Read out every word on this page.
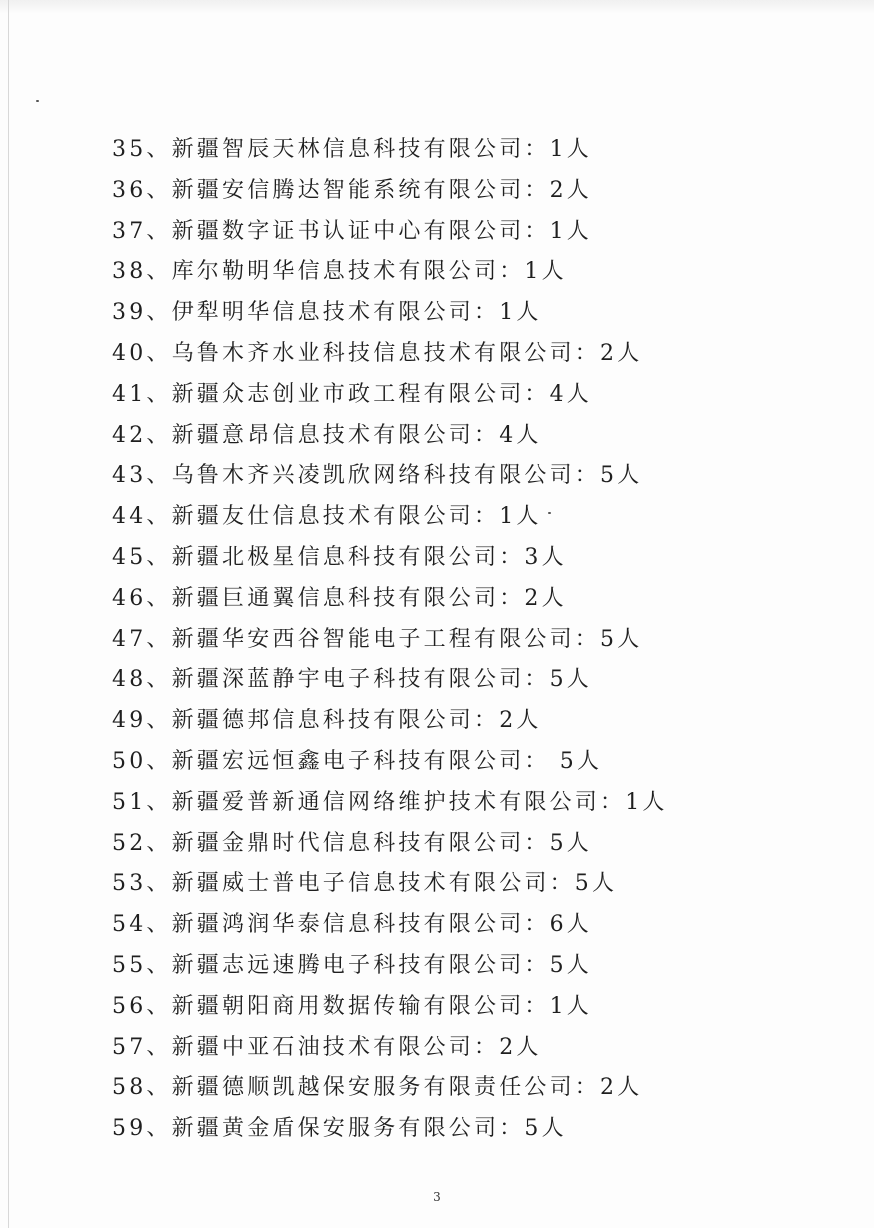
35、新疆智辰天林信息科技有限公司：1人
36、新疆安信腾达智能系统有限公司：2人
37、新疆数字证书认证中心有限公司：1人
38、库尔勒明华信息技术有限公司：1人
39、伊犁明华信息技术有限公司：1人
40、乌鲁木齐水业科技信息技术有限公司：2人
41、新疆众志创业市政工程有限公司：4人
42、新疆意昂信息技术有限公司：4人
43、乌鲁木齐兴凌凯欣网络科技有限公司：5人
44、新疆友仕信息技术有限公司：1人
45、新疆北极星信息科技有限公司：3人
46、新疆巨通翼信息科技有限公司：2人
47、新疆华安西谷智能电子工程有限公司：5人
48、新疆深蓝静宇电子科技有限公司：5人
49、新疆德邦信息科技有限公司：2人
50、新疆宏远恒鑫电子科技有限公司： 5人
51、新疆爱普新通信网络维护技术有限公司：1人
52、新疆金鼎时代信息科技有限公司：5人
53、新疆威士普电子信息技术有限公司：5人
54、新疆鸿润华泰信息科技有限公司：6人
55、新疆志远速腾电子科技有限公司：5人
56、新疆朝阳商用数据传输有限公司：1人
57、新疆中亚石油技术有限公司：2人
58、新疆德顺凯越保安服务有限责任公司：2人
59、新疆黄金盾保安服务有限公司：5人
3
